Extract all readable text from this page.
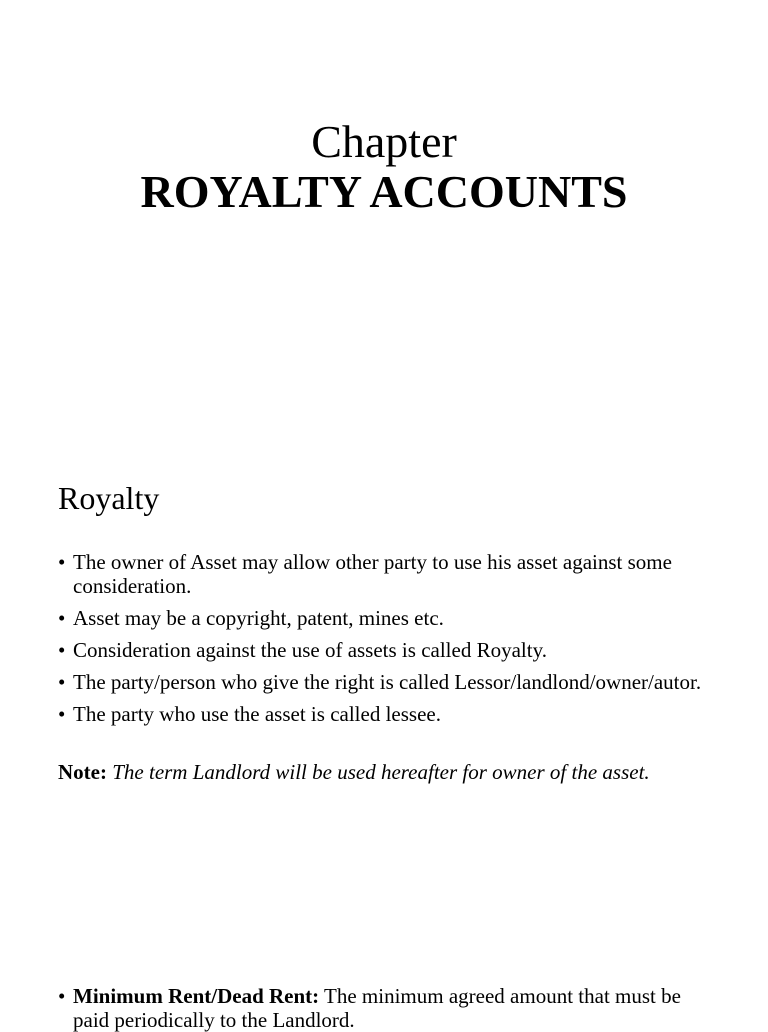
Chapter
ROYALTY ACCOUNTS
Royalty
• The owner of Asset may allow other party to use his asset against some consideration.
• Asset may be a copyright, patent, mines etc.
• Consideration against the use of assets is called Royalty.
• The party/person who give the right is called Lessor/landlond/owner/autor.
• The party who use the asset is called lessee.
Note: The term Landlord will be used hereafter for owner of the asset.
• Minimum Rent/Dead Rent: The minimum agreed amount that must be paid periodically to the Landlord.
